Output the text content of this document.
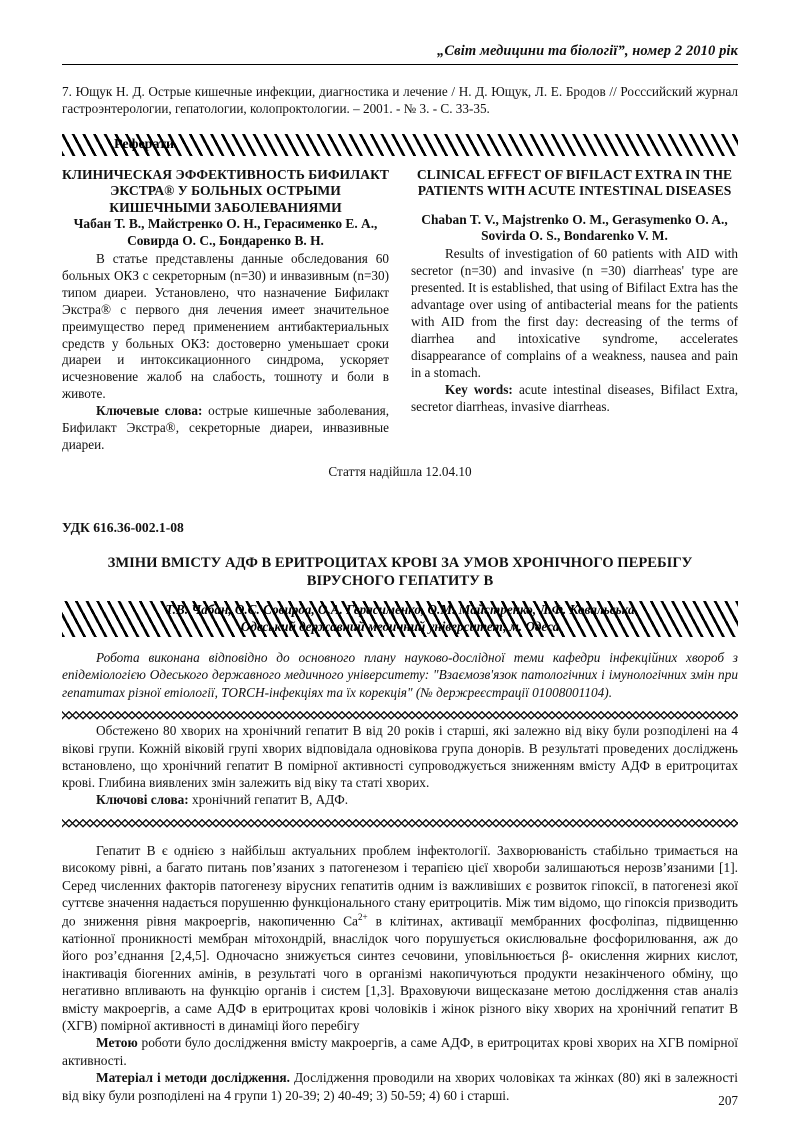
„Світ медицини та біології”, номер 2 2010 рік

7. Ющук Н. Д. Острые кишечные инфекции, диагностика и лечение / Н. Д. Ющук, Л. Е. Бродов // Росссийский журнал гастроэнтерологии, гепатологии, колопроктологии. – 2001. - № 3. - С. 33-35.

Реферати
КЛИНИЧЕСКАЯ ЭФФЕКТИВНОСТЬ БИФИЛАКТ ЭКСТРА® У БОЛЬНЫХ ОСТРЫМИ КИШЕЧНЫМИ ЗАБОЛЕВАНИЯМИ
Чабан Т. В., Майстренко О. Н., Герасименко Е. А., Совирда О. С., Бондаренко В. Н.

В статье представлены данные обследования 60 больных ОКЗ с секреторным (n=30) и инвазивным (n=30) типом диареи. Установлено, что назначение Бифилакт Экстра® с первого дня лечения имеет значительное преимущество перед применением антибактериальных средств у больных ОКЗ: достоверно уменьшает сроки диареи и интоксикационного синдрома, ускоряет исчезновение жалоб на слабость, тошноту и боли в животе.

Ключевые слова: острые кишечные заболевания, Бифилакт Экстра®, секреторные диареи, инвазивные диареи.

CLINICAL EFFECT OF BIFILACT EXTRA IN THE PATIENTS WITH ACUTE INTESTINAL DISEASES
Chaban T. V., Majstrenko O. M., Gerasymenko O. A., Sovirda O. S., Bondarenko V. M.

Results of investigation of 60 patients with AID with secretor (n=30) and invasive (n =30) diarrheas' type are presented. It is established, that using of Bifilact Extra has the advantage over using of antibacterial means for the patients with AID from the first day: decreasing of the terms of diarrhea and intoxicative syndrome, accelerates disappearance of complains of a weakness, nausea and pain in a stomach.

Key words: acute intestinal diseases, Bifilact Extra, secretor diarrheas, invasive diarrheas.

Стаття надійшла 12.04.10
УДК 616.36-002.1-08
ЗМІНИ ВМІСТУ АДФ В ЕРИТРОЦИТАХ КРОВІ ЗА УМОВ ХРОНІЧНОГО ПЕРЕБІГУ ВІРУСНОГО ГЕПАТИТУ В
Т.В. Чабан, О.С. Совирда, О.А. Герасименко, О.М. Майстренко, Л.Ф. Ковальська
Одеський державний медичний університет, м. Одеса

Робота виконана відповідно до основного плану науково-дослідної теми кафедри інфекційних хвороб з епідеміологією Одеського державного медичного університету: "Взаємозв'язок патологічних і імунологічних змін при гепатитах різної етіології, TORCH-інфекціях та їх корекція" (№ держреєстрації 01008001104).

Обстежено 80 хворих на хронічний гепатит В від 20 років і старші, які залежно від віку були розподілені на 4 вікові групи. Кожній віковій групі хворих відповідала одновікова група донорів. В результаті проведених досліджень встановлено, що хронічний гепатит В помірної активності супроводжується зниженням вмісту АДФ в еритроцитах крові. Глибина виявлених змін залежить від віку та статі хворих.

Ключові слова: хронічний гепатит В, АДФ.

Гепатит В є однією з найбільш актуальних проблем інфектології. Захворюваність стабільно тримається на високому рівні, а багато питань пов’язаних з патогенезом і терапією цієї хвороби залишаються нерозв’язаними [1]. Серед численних факторів патогенезу вірусних гепатитів одним із важливіших є розвиток гіпоксії, в патогенезі якої суттєве значення надається порушенню функціонального стану еритроцитів. Між тим відомо, що гіпоксія призводить до зниження рівня макроергів, накопиченню $Ca^{2+}$ в клітинах, активації мембранних фосфоліпаз, підвищенню катіонної проникності мембран мітохондрій, внаслідок чого порушується окислювальне фосфорилювання, аж до його роз’єднання [2,4,5]. Одночасно знижується синтез сечовини, уповільнюється β- окислення жирних кислот, інактивація біогенних амінів, в результаті чого в організмі накопичуються продукти незакінченого обміну, що негативно впливають на функцію органів і систем [1,3]. Враховуючи вищесказане метою дослідження став аналіз вмісту макроергів, а саме АДФ в еритроцитах крові чоловіків і жінок різного віку хворих на хронічний гепатит В (ХГВ) помірної активності в динаміці його перебігу

Метою роботи було дослідження вмісту макроергів, а саме АДФ, в еритроцитах крові хворих на ХГВ помірної активності.

Матеріал і методи дослідження. Дослідження проводили на хворих чоловіках та жінках (80) які в залежності від віку були розподілені на 4 групи 1) 20-39; 2) 40-49; 3) 50-59; 4) 60 і старші.	207
